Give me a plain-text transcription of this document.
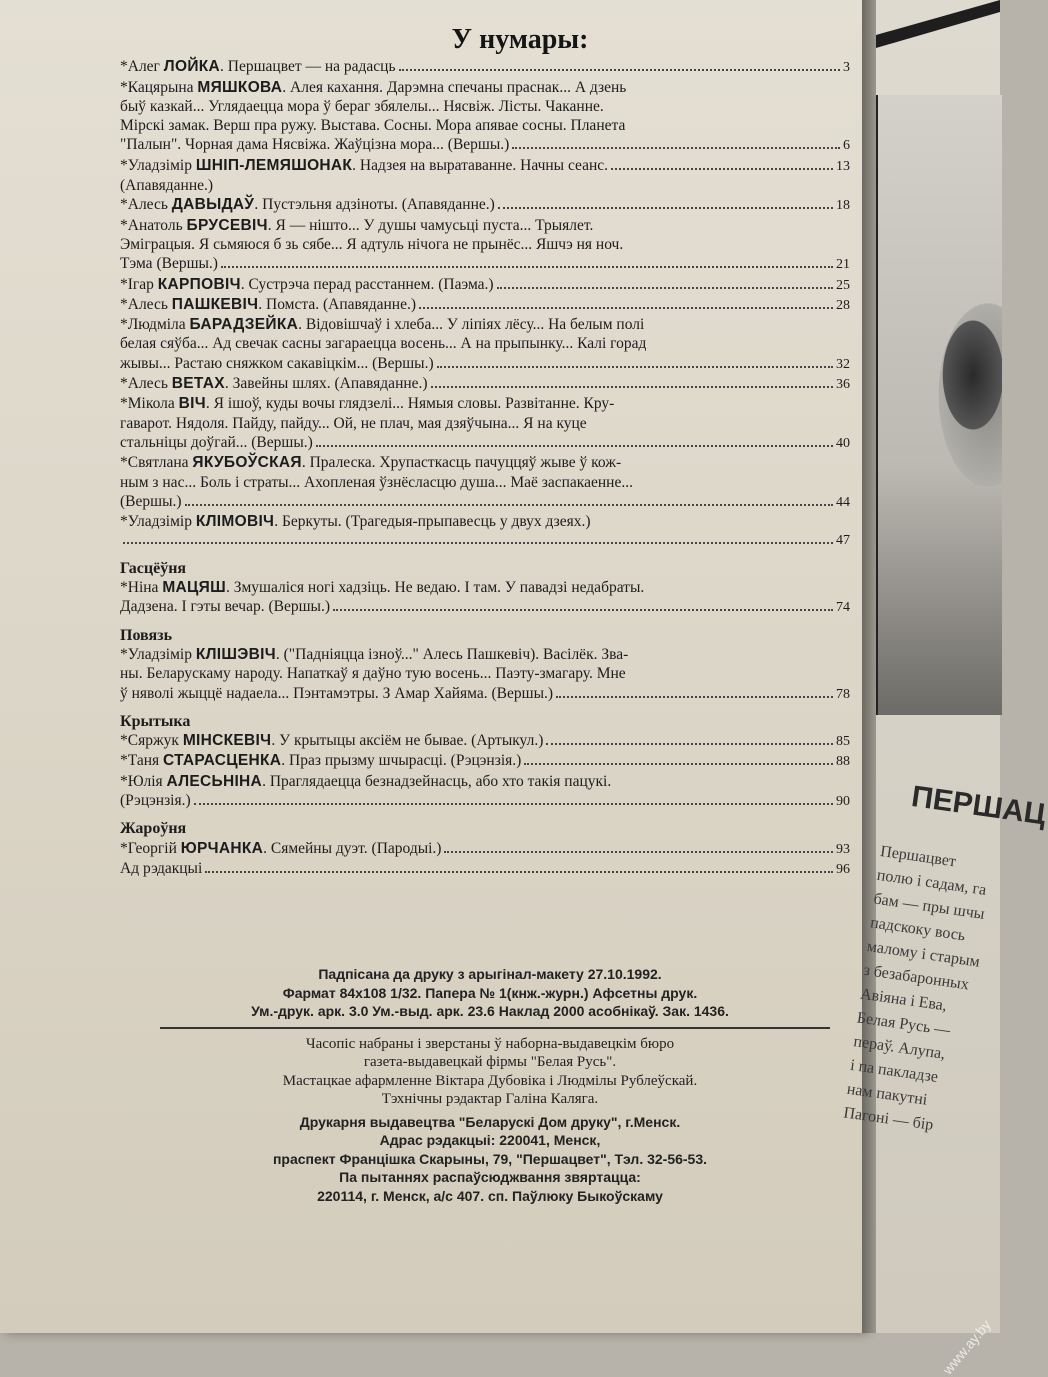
У нумары:
*Алег ЛОЙКА. Першацвет — на радасць	3
*Кацярына МЯШКОВА. Алея кахання. Дарэмна спечаны праснак... А дзень
быў казкай... Углядаецца мора ў бераг збялелы... Нясвіж. Лісты. Чаканне.
Мірскі замак. Верш пра ружу. Выстава. Сосны. Мора апявае сосны. Планета
"Палын". Чорная дама Нясвіжа. Жаўцізна мора... (Вершы.)	6
*Уладзімір ШНІП-ЛЕМЯШОНАК. Надзея на выратаванне. Начны сеанс.	13
(Апавяданне.)
*Алесь ДАВЫДАЎ. Пустэльня адзіноты. (Апавяданне.)	18
*Анатоль БРУСЕВІЧ. Я — нішто... У душы чамусьці пуста... Трыялет.
Эміграцыя. Я сьмяюся б зь сябе... Я адтуль нічога не прынёс... Яшчэ ня ноч.
Тэма (Вершы.)	21
*Ігар КАРПОВІЧ. Сустрэча перад расстаннем. (Паэма.)	25
*Алесь ПАШКЕВІЧ. Помста. (Апавяданне.)	28
*Людміла БАРАДЗЕЙКА. Відовішчаў і хлеба... У ліпіях лёсу... На белым полі
белая сяўба... Ад свечак сасны загараецца восень... А на прыпынку... Калі горад
жывы... Растаю сняжком сакавіцкім... (Вершы.)	32
*Алесь ВЕТАХ. Завейны шлях. (Апавяданне.)	36
*Мікола ВІЧ. Я ішоў, куды вочы глядзелі... Нямыя словы. Развітанне. Кру-
гаварот. Нядоля. Пайду, пайду... Ой, не плач, мая дзяўчына... Я на куце
стальніцы доўгай... (Вершы.)	40
*Святлана ЯКУБОЎСКАЯ. Пралеска. Хрупасткасць пачуццяў жыве ў кож-
ным з нас... Боль і страты... Ахопленая ўзнёсласцю душа... Маё заспакаенне...
(Вершы.)	44
*Уладзімір КЛІМОВІЧ. Беркуты. (Трагедыя-прыпавесць у двух дзеях.)
47
Гасцёўня
*Ніна МАЦЯШ. Змушаліся ногі хадзіць. Не ведаю. І там. У павадзі недабраты.
Дадзена. І гэты вечар. (Вершы.)	74
Повязь
*Уладзімір КЛІШЭВІЧ. ("Падніяцца ізноў..." Алесь Пашкевіч). Васілёк. Зва-
ны. Беларускаму народу. Напаткаў я даўно тую восень... Паэту-змагару. Мне
ў няволі жыццё надаела... Пэнтамэтры. З Амар Хайяма. (Вершы.)	78
Крытыка
*Сяржук МІНСКЕВІЧ. У крытыцы аксіём не бывае. (Артыкул.)	85
*Таня СТАРАСЦЕНКА. Праз прызму шчырасці. (Рэцэнзія.)	88
*Юлія АЛЕСЬНІНА. Праглядаецца безнадзейнасць, або хто такія пацукі.
(Рэцэнзія.)	90
Жароўня
*Георгій ЮРЧАНКА. Сямейны дуэт. (Пародыі.)	93
Ад рэдакцыі	96
Падпісана да друку з арыгінал-макету 27.10.1992.
Фармат 84x108 1/32. Папера № 1(кнж.-журн.) Афсетны друк.
Ум.-друк. арк. 3.0 Ум.-выд. арк. 23.6 Наклад 2000 асобнікаў. Зак. 1436.
Часопіс набраны і зверстаны ў наборна-выдавецкім бюро
газета-выдавецкай фірмы "Белая Русь".
Мастацкае афармленне Віктара Дубовіка і Людмілы Рублеўскай.
Тэхнічны рэдактар Галіна Каляга.
Друкарня выдавецтва "Беларускі Дом друку", г.Менск.
Адрас рэдакцыі: 220041, Менск,
праспект Францішка Скарыны, 79, "Першацвет", Тэл. 32-56-53.
Па пытаннях распаўсюджвання звяртацца:
220114, г. Менск, а/с 407. сп. Паўлюку Быкоўскаму
ПЕРШАЦ
Першацвет
полю і садам, га
бам — пры шчы
падскоку вось
малому і старым
з безабаронных
Авіяна і Ева,
Белая Русь —
пераў. Алупа,
і па пакладзе
нам пакутні
Пагоні — бір
www.ay.by
